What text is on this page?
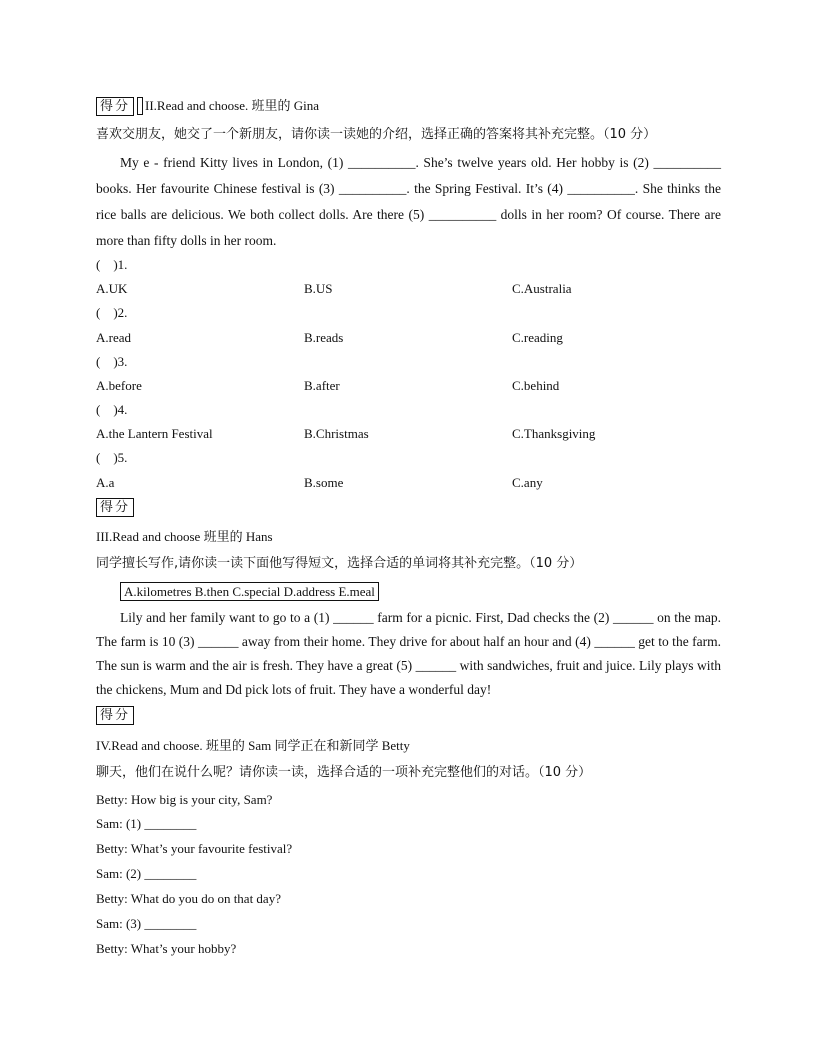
得分 II.Read and choose. 班里的 Gina
喜欢交朋友，她交了一个新朋友，请你读一读她的介绍，选择正确的答案将其补充完整。（10 分）
My e - friend Kitty lives in London, (1) __________. She’s twelve years old. Her hobby is (2) __________ books. Her favourite Chinese festival is (3) __________. the Spring Festival. It’s (4) __________. She thinks the rice balls are delicious. We both collect dolls. Are there (5) __________ dolls in her room? Of course. There are more than fifty dolls in her room.
(　)1.
A.UK	B.US	C.Australia
(　)2.
A.read	B.reads	C.reading
(　)3.
A.before	B.after	C.behind
(　)4.
A.the Lantern Festival	B.Christmas	C.Thanksgiving
(　)5.
A.a	B.some	C.any
得分
III.Read and choose 班里的 Hans
同学擅长写作,请你读一读下面他写得短文，选择合适的单词将其补充完整。（10 分）
A.kilometres B.then C.special D.address E.meal
Lily and her family want to go to a (1) ______ farm for a picnic. First, Dad checks the (2) ______ on the map. The farm is 10 (3) ______ away from their home. They drive for about half an hour and (4) ______ get to the farm. The sun is warm and the air is fresh. They have a great (5) ______ with sandwiches, fruit and juice. Lily plays with the chickens, Mum and Dd pick lots of fruit. They have a wonderful day!
得分
IV.Read and choose. 班里的 Sam 同学正在和新同学 Betty
聊天，他们在说什么呢？请你读一读，选择合适的一项补充完整他们的对话。（10 分）
Betty: How big is your city, Sam?
Sam: (1) ________
Betty: What’s your favourite festival?
Sam: (2) ________
Betty: What do you do on that day?
Sam: (3) ________
Betty: What’s your hobby?
